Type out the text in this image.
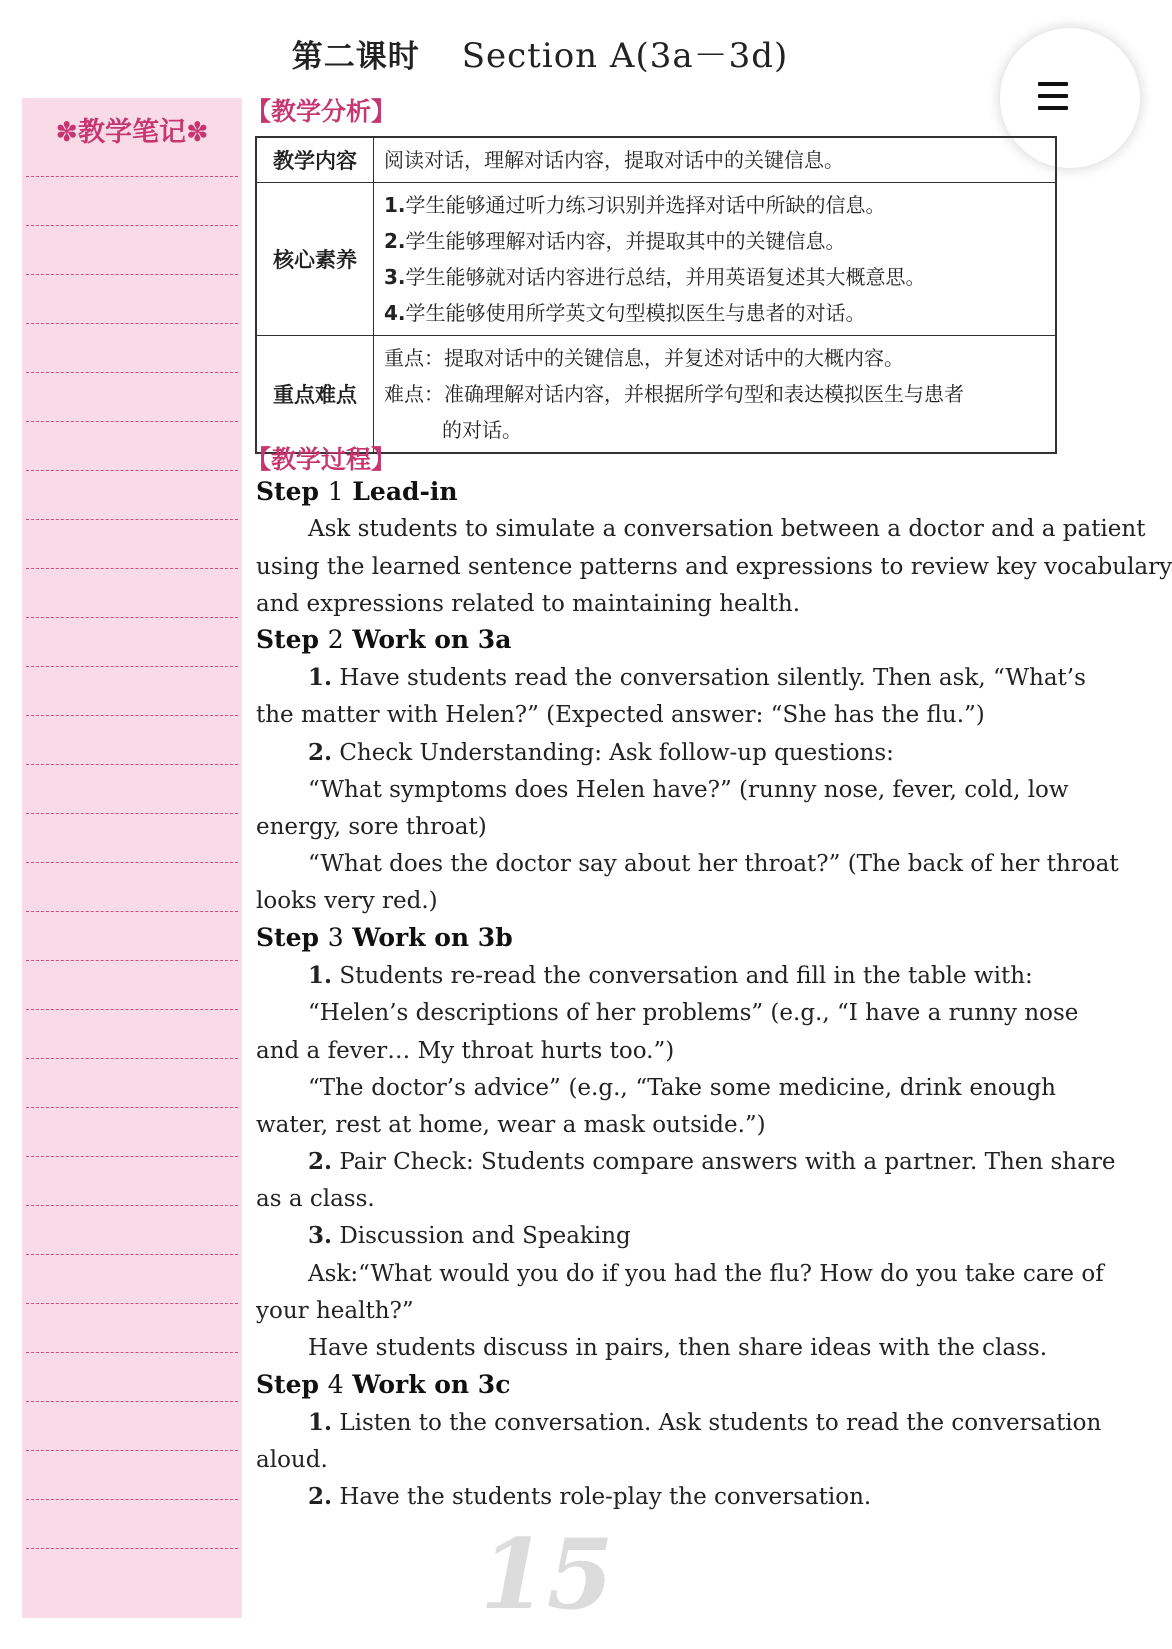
第二课时 Section A(3a－3d)
✽教学笔记✽
【教学分析】
教学内容	阅读对话，理解对话内容，提取对话中的关键信息。

核心素养	1.学生能够通过听力练习识别并选择对话中所缺的信息。
2.学生能够理解对话内容，并提取其中的关键信息。
3.学生能够就对话内容进行总结，并用英语复述其大概意思。
4.学生能够使用所学英文句型模拟医生与患者的对话。

重点难点	重点：提取对话中的关键信息，并复述对话中的大概内容。
难点：准确理解对话内容，并根据所学句型和表达模拟医生与患者
的对话。
【教学过程】
Step 1 Lead-in
Ask students to simulate a conversation between a doctor and a patient
using the learned sentence patterns and expressions to review key vocabulary
and expressions related to maintaining health.
Step 2 Work on 3a
1. Have students read the conversation silently. Then ask, “What’s
the matter with Helen?” (Expected answer: “She has the flu.”)
2. Check Understanding: Ask follow-up questions:
“What symptoms does Helen have?” (runny nose, fever, cold, low
energy, sore throat)
“What does the doctor say about her throat?” (The back of her throat
looks very red.)
Step 3 Work on 3b
1. Students re-read the conversation and fill in the table with:
“Helen’s descriptions of her problems” (e.g., “I have a runny nose
and a fever… My throat hurts too.”)
“The doctor’s advice” (e.g., “Take some medicine, drink enough
water, rest at home, wear a mask outside.”)
2. Pair Check: Students compare answers with a partner. Then share
as a class.
3. Discussion and Speaking
Ask:“What would you do if you had the flu? How do you take care of
your health?”
Have students discuss in pairs, then share ideas with the class.
Step 4 Work on 3c
1. Listen to the conversation. Ask students to read the conversation
aloud.
15
2. Have the students role-play the conversation.
